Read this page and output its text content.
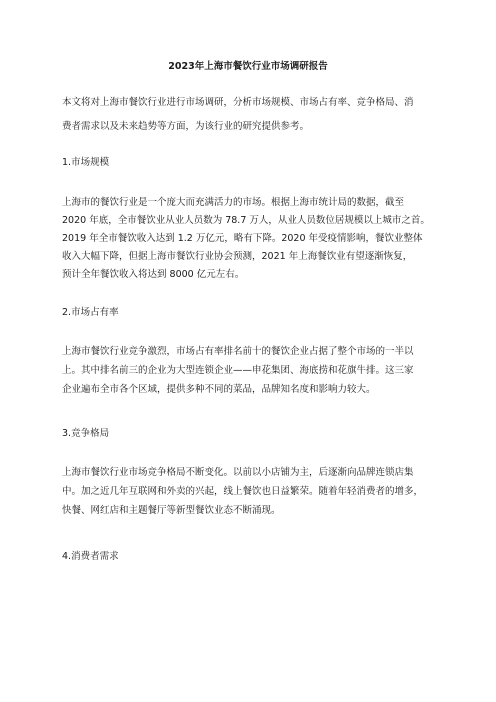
2023年上海市餐饮行业市场调研报告
本文将对上海市餐饮行业进行市场调研，分析市场规模、市场占有率、竞争格局、消
费者需求以及未来趋势等方面，为该行业的研究提供参考。
1.市场规模
上海市的餐饮行业是一个庞大而充满活力的市场。根据上海市统计局的数据，截至
2020 年底，全市餐饮业从业人员数为 78.7 万人，从业人员数位居规模以上城市之首。
2019 年全市餐饮收入达到 1.2 万亿元，略有下降。2020 年受疫情影响，餐饮业整体
收入大幅下降，但据上海市餐饮行业协会预测，2021 年上海餐饮业有望逐渐恢复，
预计全年餐饮收入将达到 8000 亿元左右。
2.市场占有率
上海市餐饮行业竞争激烈，市场占有率排名前十的餐饮企业占据了整个市场的一半以
上。其中排名前三的企业为大型连锁企业——申花集团、海底捞和花旗牛排。这三家
企业遍布全市各个区域，提供多种不同的菜品，品牌知名度和影响力较大。
3.竞争格局
上海市餐饮行业市场竞争格局不断变化。以前以小店铺为主，后逐渐向品牌连锁店集
中。加之近几年互联网和外卖的兴起，线上餐饮也日益繁荣。随着年轻消费者的增多，
快餐、网红店和主题餐厅等新型餐饮业态不断涌现。
4.消费者需求
